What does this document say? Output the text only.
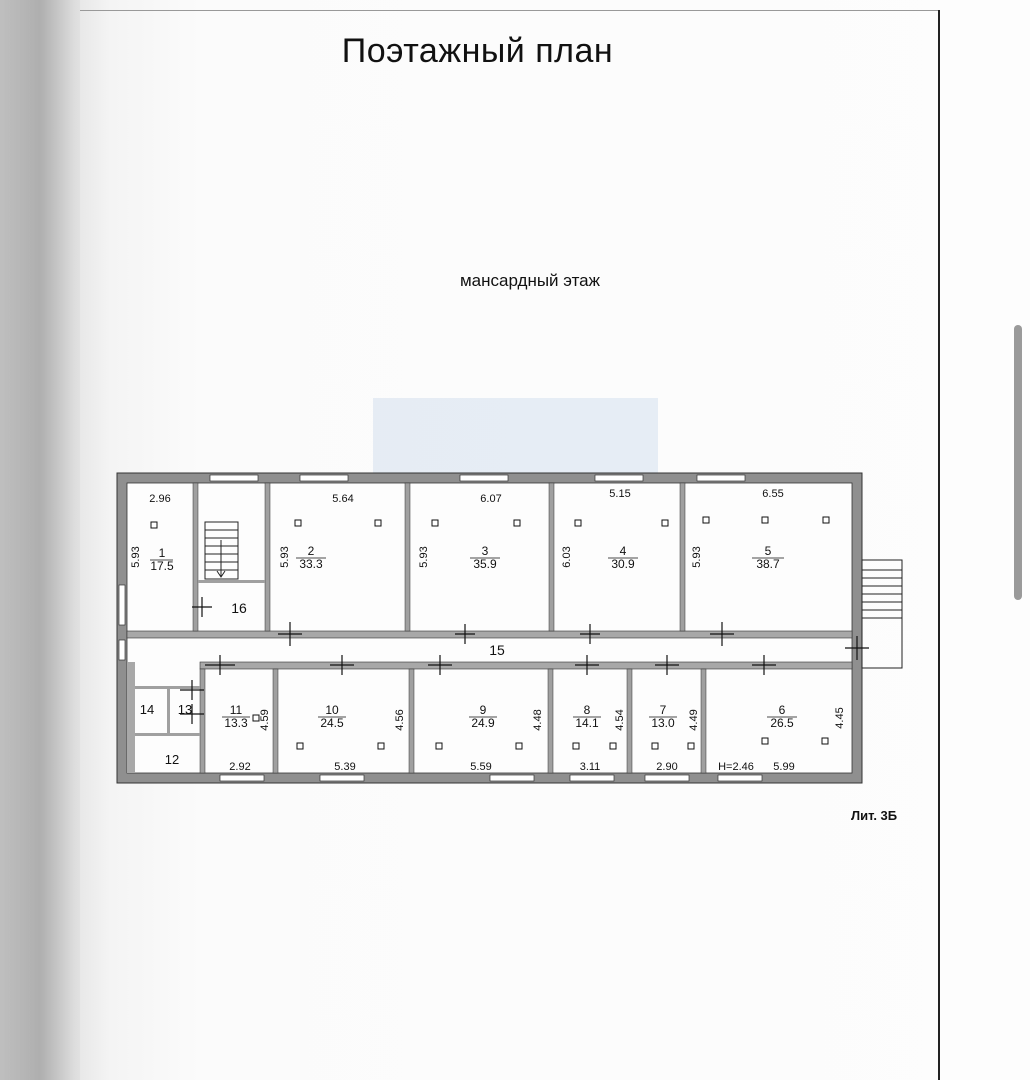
Поэтажный план
мансардный этаж
Лит. 3Б
1
17.5
2
33.3
3
35.9
4
30.9
5
38.7
6
26.5
7
13.0
8
14.1
9
24.9
10
24.5
11
13.3
12
13
14
15
16
2.96	5.64	6.07	5.15	6.55
2.92	5.39	5.59	3.11	2.90	H=2.46 5.99
5.93	5.93	5.93	6.03	5.93
4.59	4.56	4.48	4.54	4.49	4.45
